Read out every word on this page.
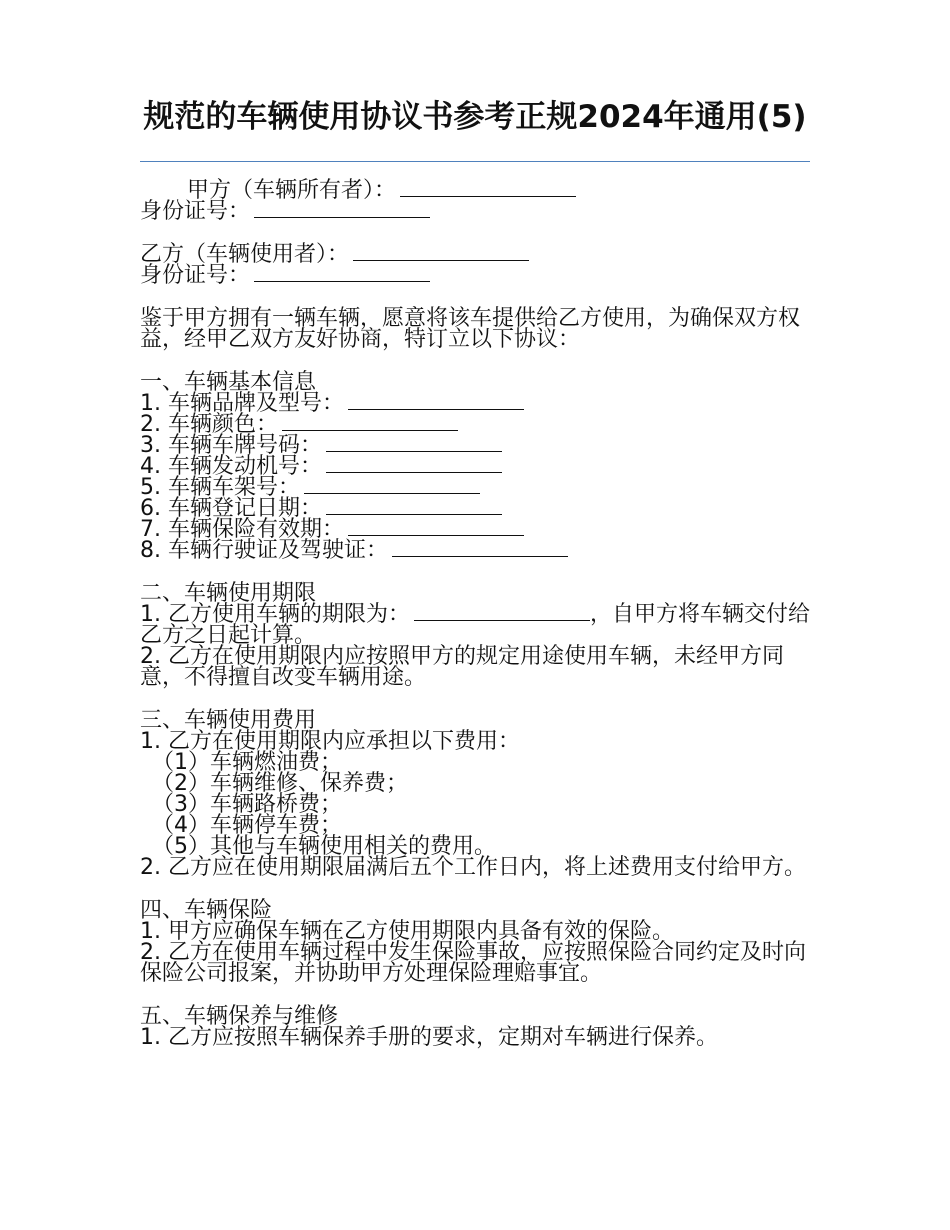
规范的车辆使用协议书参考正规2024年通用(5)

甲方（车辆所有者）：

身份证号：

乙方（车辆使用者）：

身份证号：

鉴于甲方拥有一辆车辆，愿意将该车提供给乙方使用，为确保双方权益，经甲乙双方友好协商，特订立以下协议：

一、车辆基本信息

1. 车辆品牌及型号：

2. 车辆颜色：

3. 车辆车牌号码：

4. 车辆发动机号：

5. 车辆车架号：

6. 车辆登记日期：

7. 车辆保险有效期：

8. 车辆行驶证及驾驶证：

二、车辆使用期限

1. 乙方使用车辆的期限为：	，自甲方将车辆交付给乙方之日起计算。

2. 乙方在使用期限内应按照甲方的规定用途使用车辆，未经甲方同意，不得擅自改变车辆用途。

三、车辆使用费用

1. 乙方在使用期限内应承担以下费用：

（1）车辆燃油费；

（2）车辆维修、保养费；

（3）车辆路桥费；

（4）车辆停车费；

（5）其他与车辆使用相关的费用。

2. 乙方应在使用期限届满后五个工作日内，将上述费用支付给甲方。

四、车辆保险

1. 甲方应确保车辆在乙方使用期限内具备有效的保险。

2. 乙方在使用车辆过程中发生保险事故，应按照保险合同约定及时向保险公司报案，并协助甲方处理保险理赔事宜。

五、车辆保养与维修

1. 乙方应按照车辆保养手册的要求，定期对车辆进行保养。
